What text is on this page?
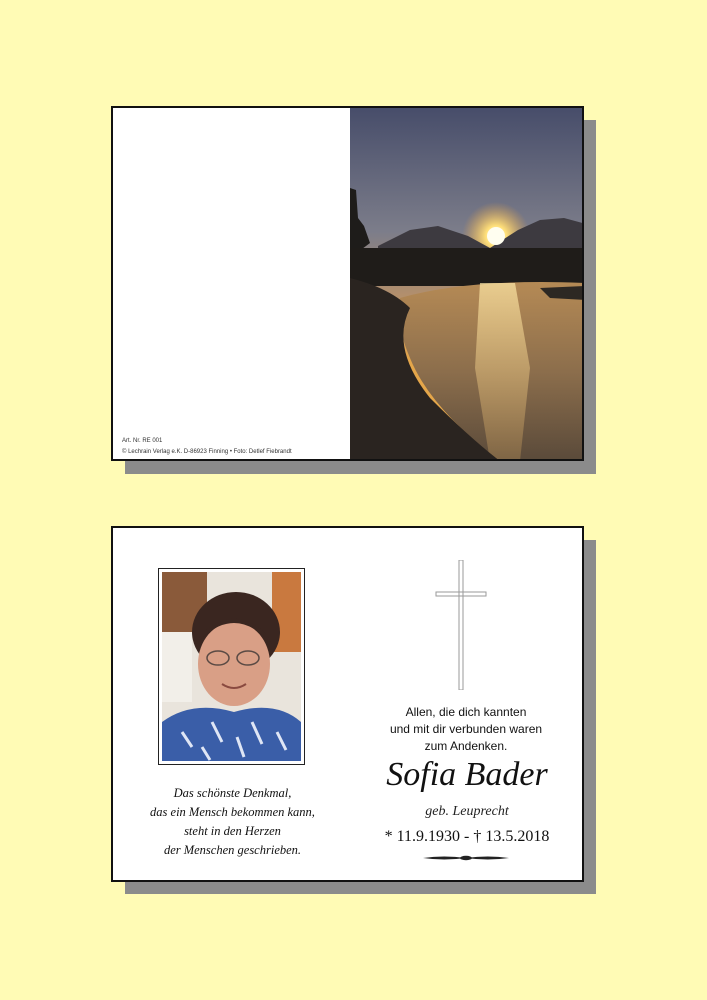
Art. Nr. RE 001
© Lechrain Verlag e.K. D-86923 Finning • Foto: Detlef Fiebrandt
Das schönste Denkmal,
das ein Mensch bekommen kann,
steht in den Herzen
der Menschen geschrieben.
Allen, die dich kannten
und mit dir verbunden waren
zum Andenken.
Sofia Bader
geb. Leuprecht
* 11.9.1930 - † 13.5.2018
